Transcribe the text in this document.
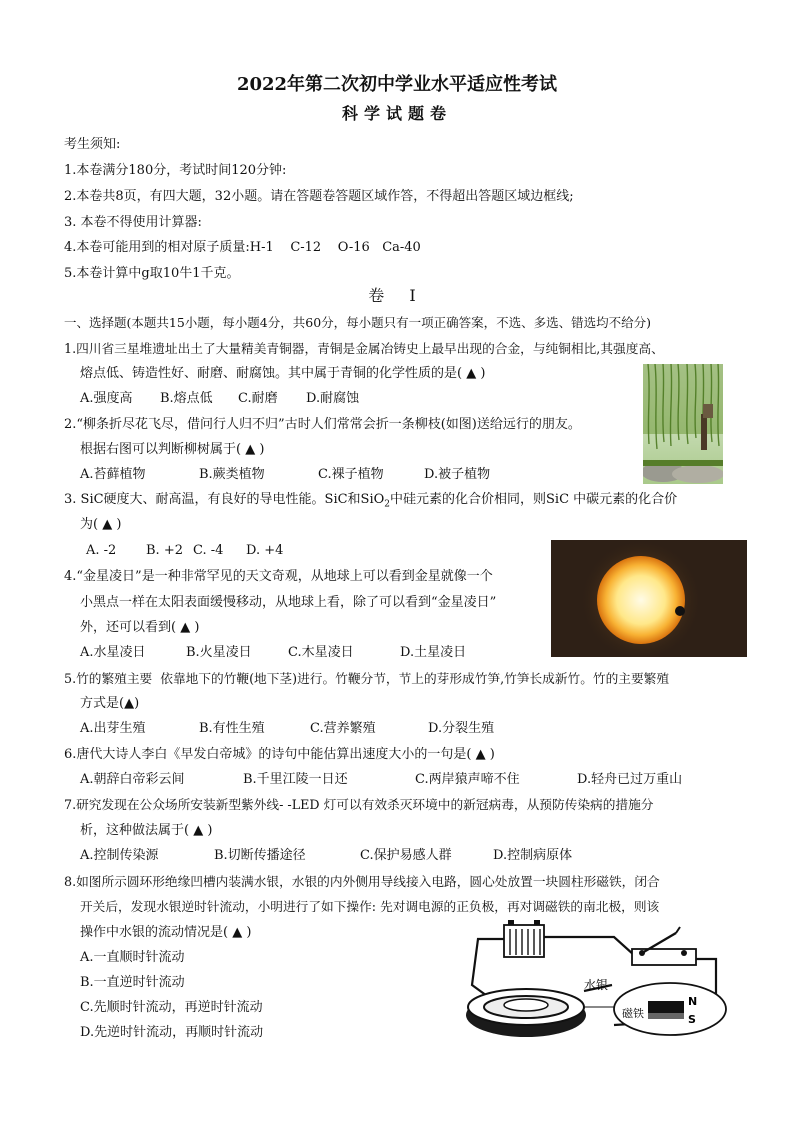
2022年第二次初中学业水平适应性考试
科学试题卷
考生须知:
1.本卷满分180分，考试时间120分钟:
2.本卷共8页，有四大题，32小题。请在答题卷答题区域作答，不得超出答题区域边框线;
3. 本卷不得使用计算器:
4.本卷可能用到的相对原子质量:H-1    C-12    O-16   Ca-40
5.本卷计算中g取10牛1千克。
卷 I
一、选择题(本题共15小题，每小题4分，共60分，每小题只有一项正确答案，不选、多选、错选均不给分)
1.四川省三星堆遗址出土了大量精美青铜器，青铜是金属冶铸史上最早出现的合金，与纯铜相比,其强度高、
熔点低、铸造性好、耐磨、耐腐蚀。其中属于青铜的化学性质的是( ▲ )
A.强度高 B.熔点低 C.耐磨 D.耐腐蚀
2.“柳条折尽花飞尽，借问行人归不归”古时人们常常会折一条柳枝(如图)送给远行的朋友。
根据右图可以判断柳树属于( ▲ )
A.苔藓植物	B.蕨类植物	C.裸子植物	D.被子植物
3. SiC硬度大、耐高温，有良好的导电性能。SiC和SiO$_2$中硅元素的化合价相同，则SiC 中碳元素的化合价
为( ▲ )
A. -2 B. +2 C. -4 D. +4
4.“金星凌日”是一种非常罕见的天文奇观，从地球上可以看到金星就像一个
小黑点一样在太阳表面缓慢移动，从地球上看，除了可以看到“金星凌日”
外，还可以看到( ▲ )
A.水星凌日	B.火星凌日	C.木星凌日	D.土星凌日
5.竹的繁殖主要  依靠地下的竹鞭(地下茎)进行。竹鞭分节，节上的芽形成竹笋,竹笋长成新竹。竹的主要繁殖
方式是(▲)
A.出芽生殖	B.有性生殖	C.营养繁殖	D.分裂生殖
6.唐代大诗人李白《早发白帝城》的诗句中能估算出速度大小的一句是( ▲ )
A.朝辞白帝彩云间	B.千里江陵一日还	C.两岸猿声啼不住	D.轻舟已过万重山
7.研究发现在公众场所安装新型紫外线- -LED 灯可以有效杀灭环境中的新冠病毒，从预防传染病的措施分
析，这种做法属于( ▲ )
A.控制传染源	B.切断传播途径	C.保护易感人群	D.控制病原体
8.如图所示圆环形绝缘凹槽内装满水银，水银的内外侧用导线接入电路，圆心处放置一块圆柱形磁铁，闭合
开关后，发现水银逆时针流动，小明进行了如下操作: 先对调电源的正负极，再对调磁铁的南北极，则该
操作中水银的流动情况是( ▲ )
A.一直顺时针流动
B.一直逆时针流动
C.先顺时针流动，再逆时针流动
D.先逆时针流动，再顺时针流动
水银
磁铁
N
S
